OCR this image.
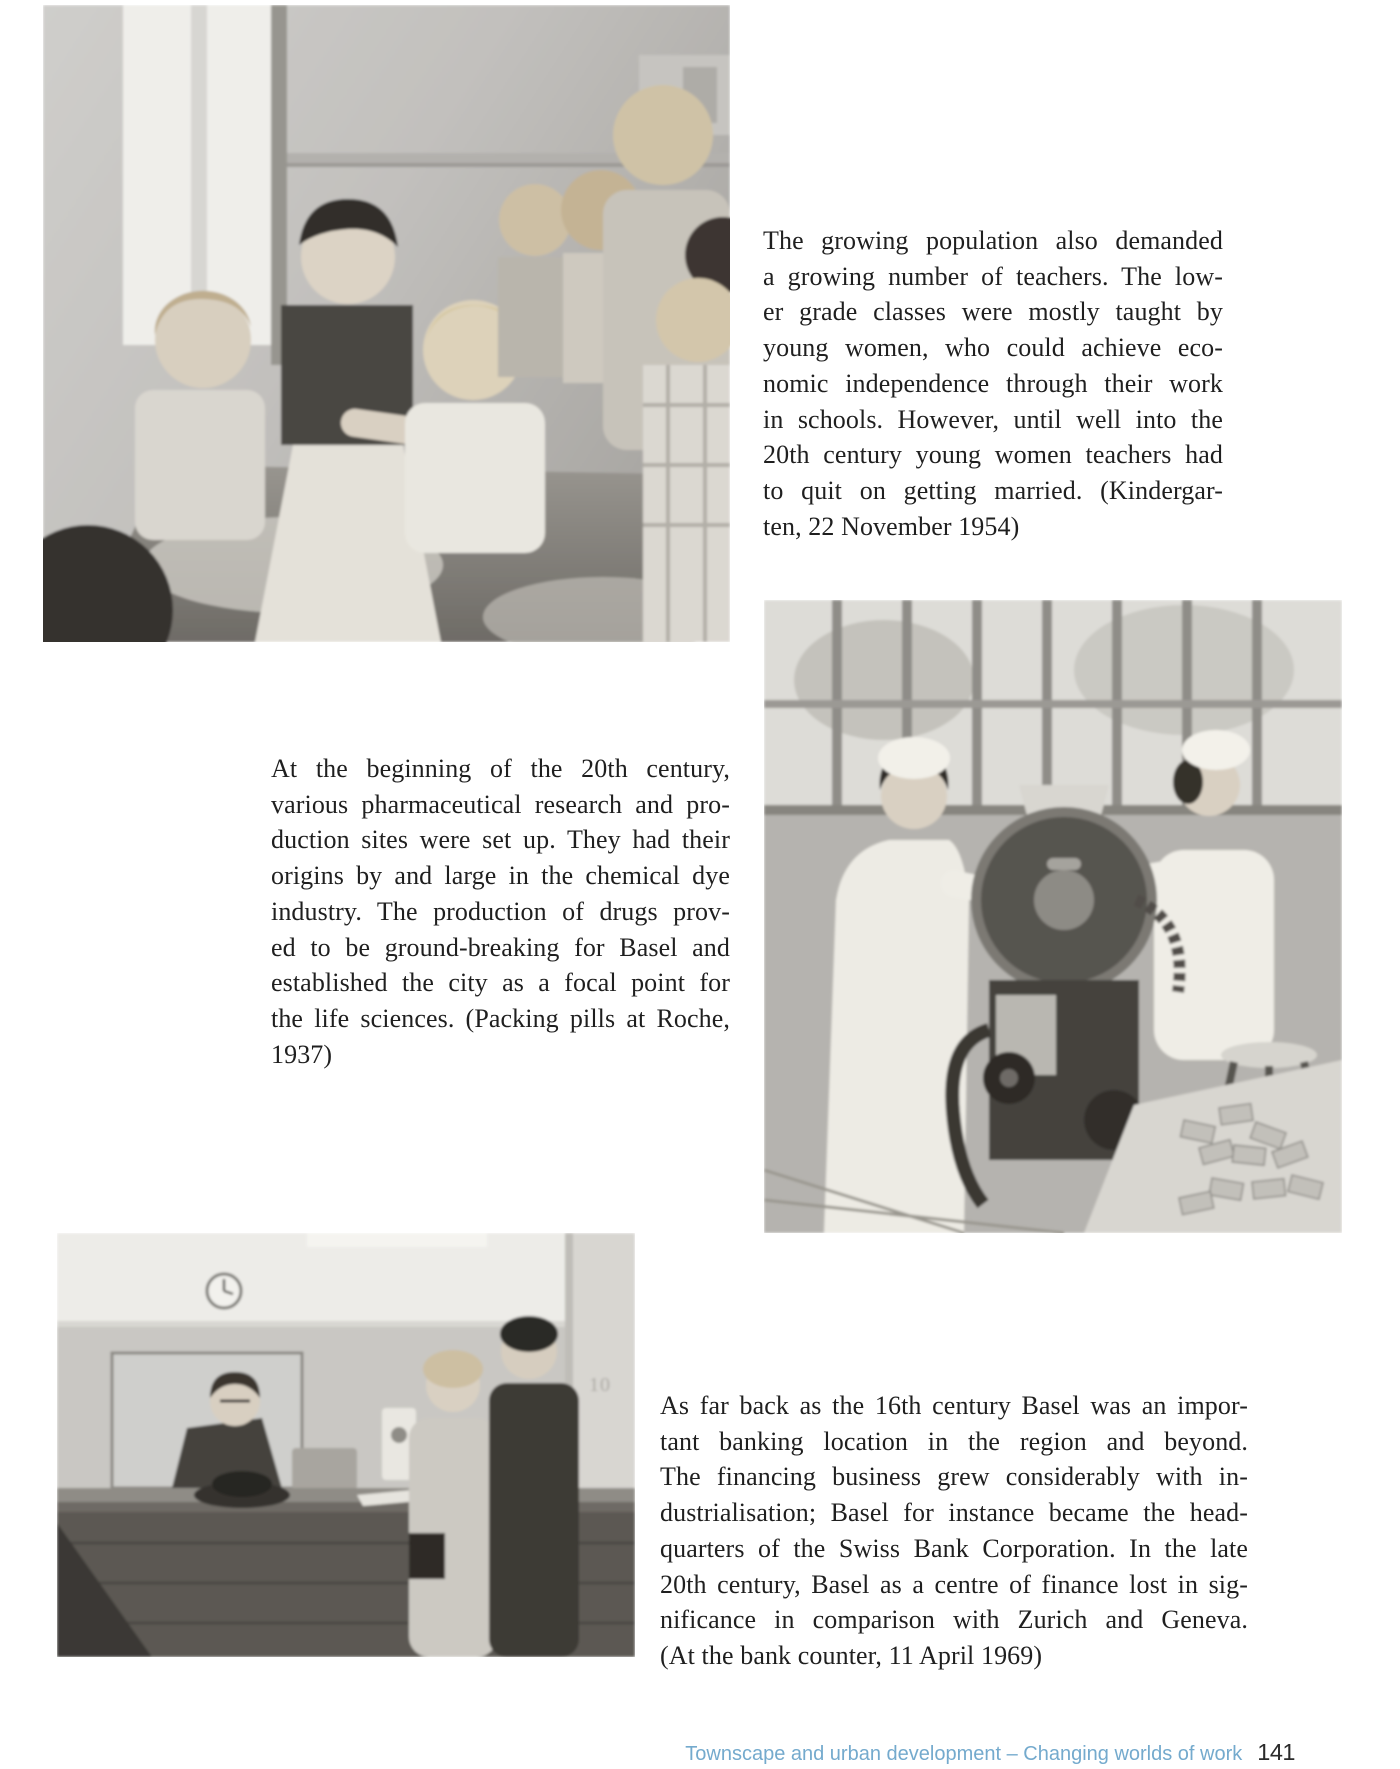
The growing population also demanded
a growing number of teachers. The low-
er grade classes were mostly taught by
young women, who could achieve eco-
nomic independence through their work
in schools. However, until well into the
20th century young women teachers had
to quit on getting married. (Kindergar-
ten, 22 November 1954)
At the beginning of the 20th century,
various pharmaceutical research and pro-
duction sites were set up. They had their
origins by and large in the chemical dye
industry. The production of drugs prov-
ed to be ground-breaking for Basel and
established the city as a focal point for
the life sciences. (Packing pills at Roche,
1937)
10
As far back as the 16th century Basel was an impor-
tant banking location in the region and beyond.
The financing business grew considerably with in-
dustrialisation; Basel for instance became the head-
quarters of the Swiss Bank Corporation. In the late
20th century, Basel as a centre of finance lost in sig-
nificance in comparison with Zurich and Geneva.
(At the bank counter, 11 April 1969)
Townscape and urban development – Changing worlds of work 141
